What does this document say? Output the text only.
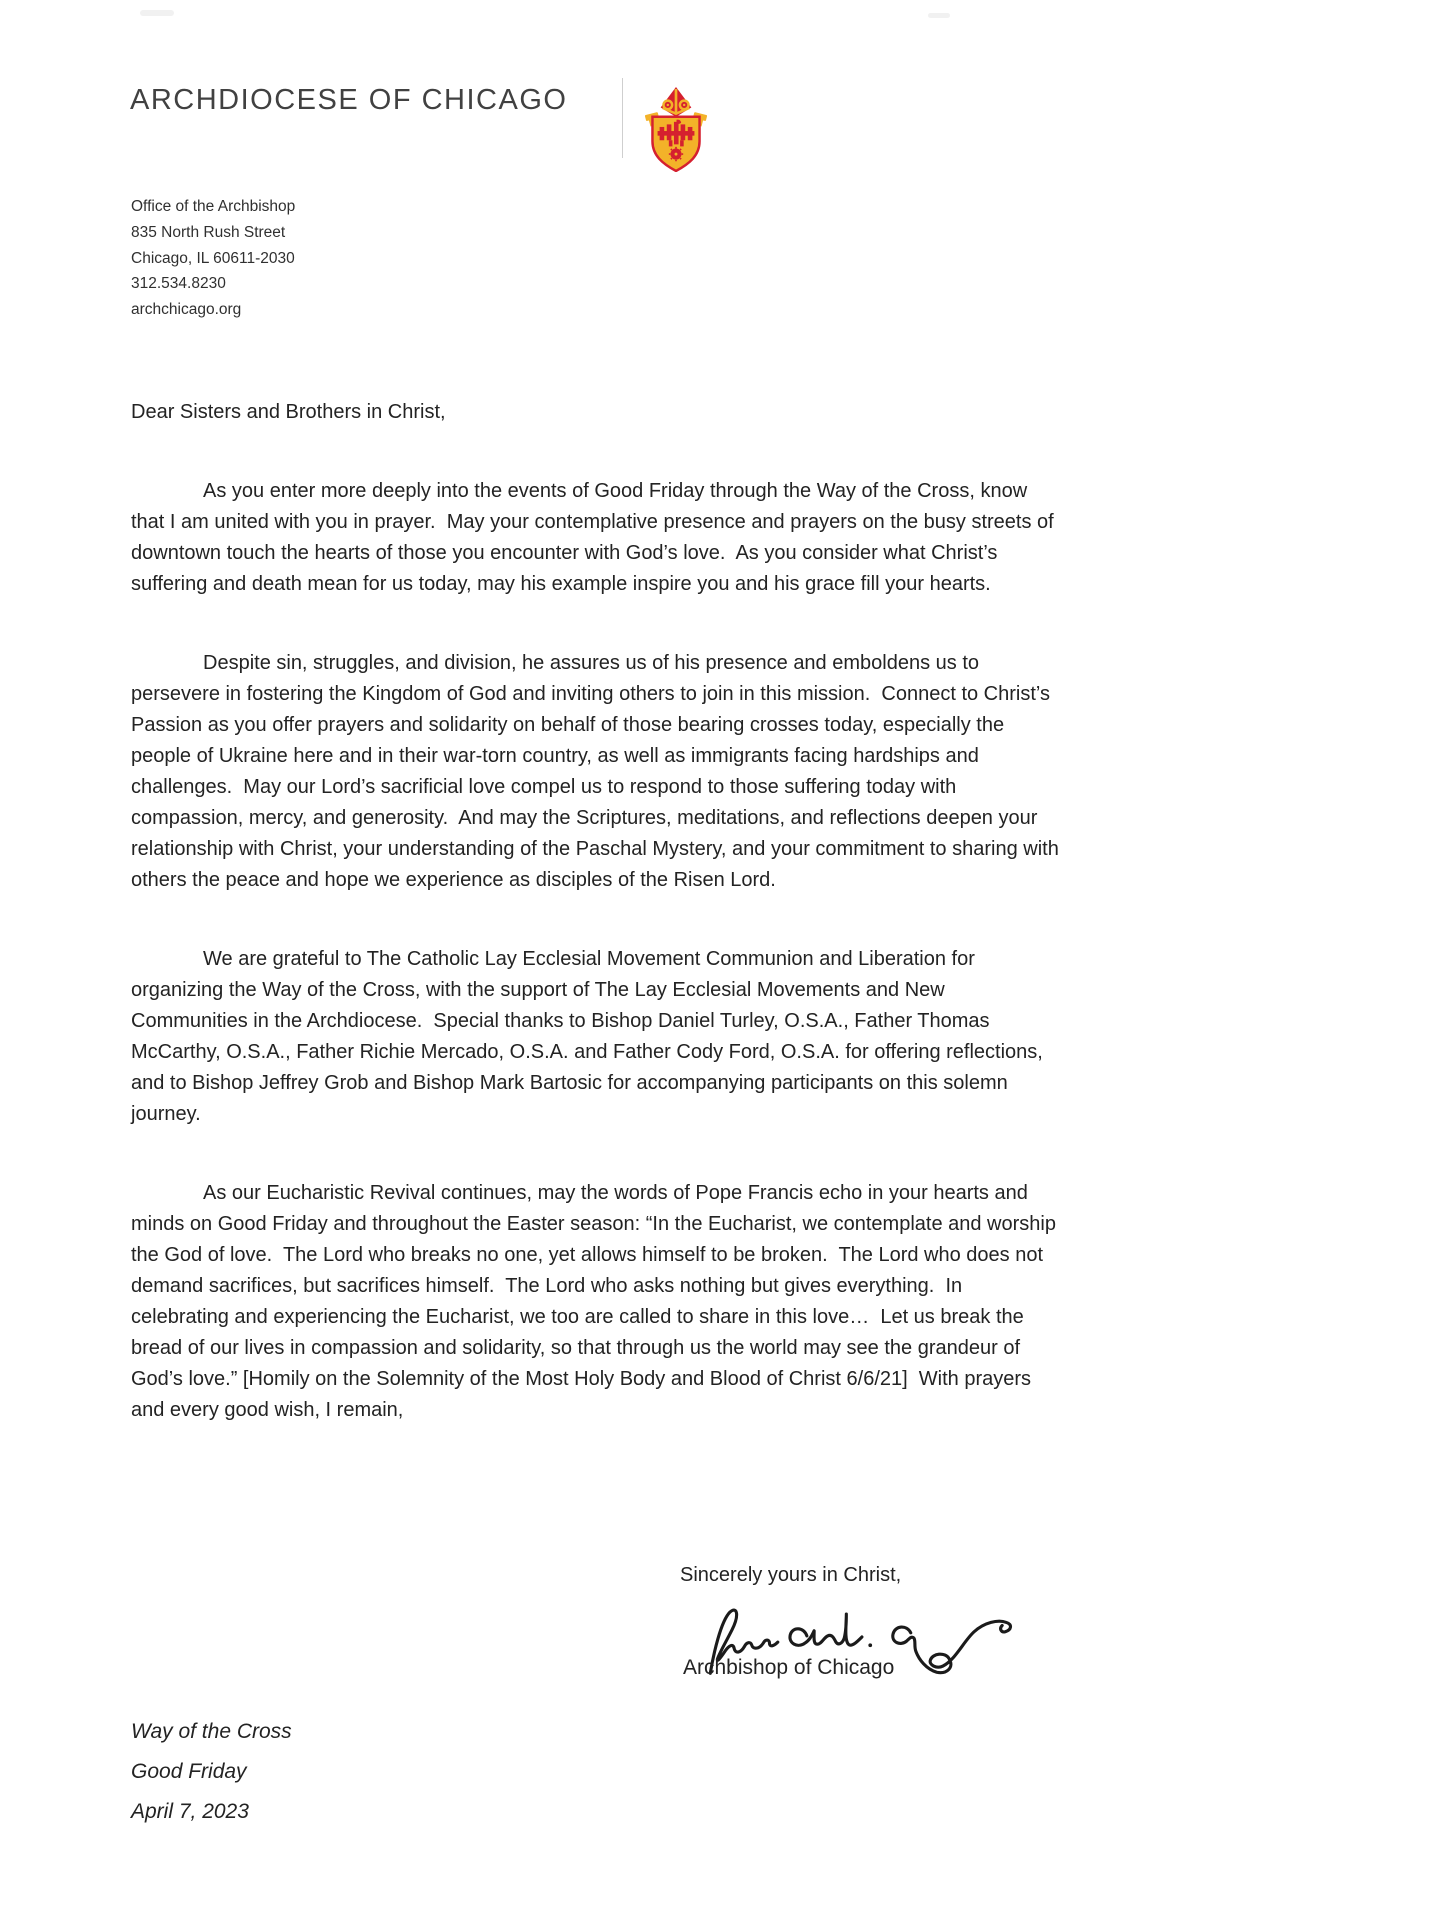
ARCHDIOCESE OF CHICAGO
Office of the Archbishop
835 North Rush Street
Chicago, IL 60611-2030
312.534.8230
archchicago.org

Dear Sisters and Brothers in Christ,

As you enter more deeply into the events of Good Friday through the Way of the Cross, know that I am united with you in prayer.  May your contemplative presence and prayers on the busy streets of downtown touch the hearts of those you encounter with God’s love.  As you consider what Christ’s suffering and death mean for us today, may his example inspire you and his grace fill your hearts.

Despite sin, struggles, and division, he assures us of his presence and emboldens us to persevere in fostering the Kingdom of God and inviting others to join in this mission.  Connect to Christ’s Passion as you offer prayers and solidarity on behalf of those bearing crosses today, especially the people of Ukraine here and in their war-torn country, as well as immigrants facing hardships and challenges.  May our Lord’s sacrificial love compel us to respond to those suffering today with compassion, mercy, and generosity.  And may the Scriptures, meditations, and reflections deepen your relationship with Christ, your understanding of the Paschal Mystery, and your commitment to sharing with others the peace and hope we experience as disciples of the Risen Lord.

We are grateful to The Catholic Lay Ecclesial Movement Communion and Liberation for organizing the Way of the Cross, with the support of The Lay Ecclesial Movements and New Communities in the Archdiocese.  Special thanks to Bishop Daniel Turley, O.S.A., Father Thomas McCarthy, O.S.A., Father Richie Mercado, O.S.A. and Father Cody Ford, O.S.A. for offering reflections, and to Bishop Jeffrey Grob and Bishop Mark Bartosic for accompanying participants on this solemn journey.

As our Eucharistic Revival continues, may the words of Pope Francis echo in your hearts and minds on Good Friday and throughout the Easter season: “In the Eucharist, we contemplate and worship the God of love.  The Lord who breaks no one, yet allows himself to be broken.  The Lord who does not demand sacrifices, but sacrifices himself.  The Lord who asks nothing but gives everything.  In celebrating and experiencing the Eucharist, we too are called to share in this love…  Let us break the bread of our lives in compassion and solidarity, so that through us the world may see the grandeur of God’s love.” [Homily on the Solemnity of the Most Holy Body and Blood of Christ 6/6/21]  With prayers and every good wish, I remain,

Sincerely yours in Christ,
Archbishop of Chicago
Way of the Cross
Good Friday
April 7, 2023
